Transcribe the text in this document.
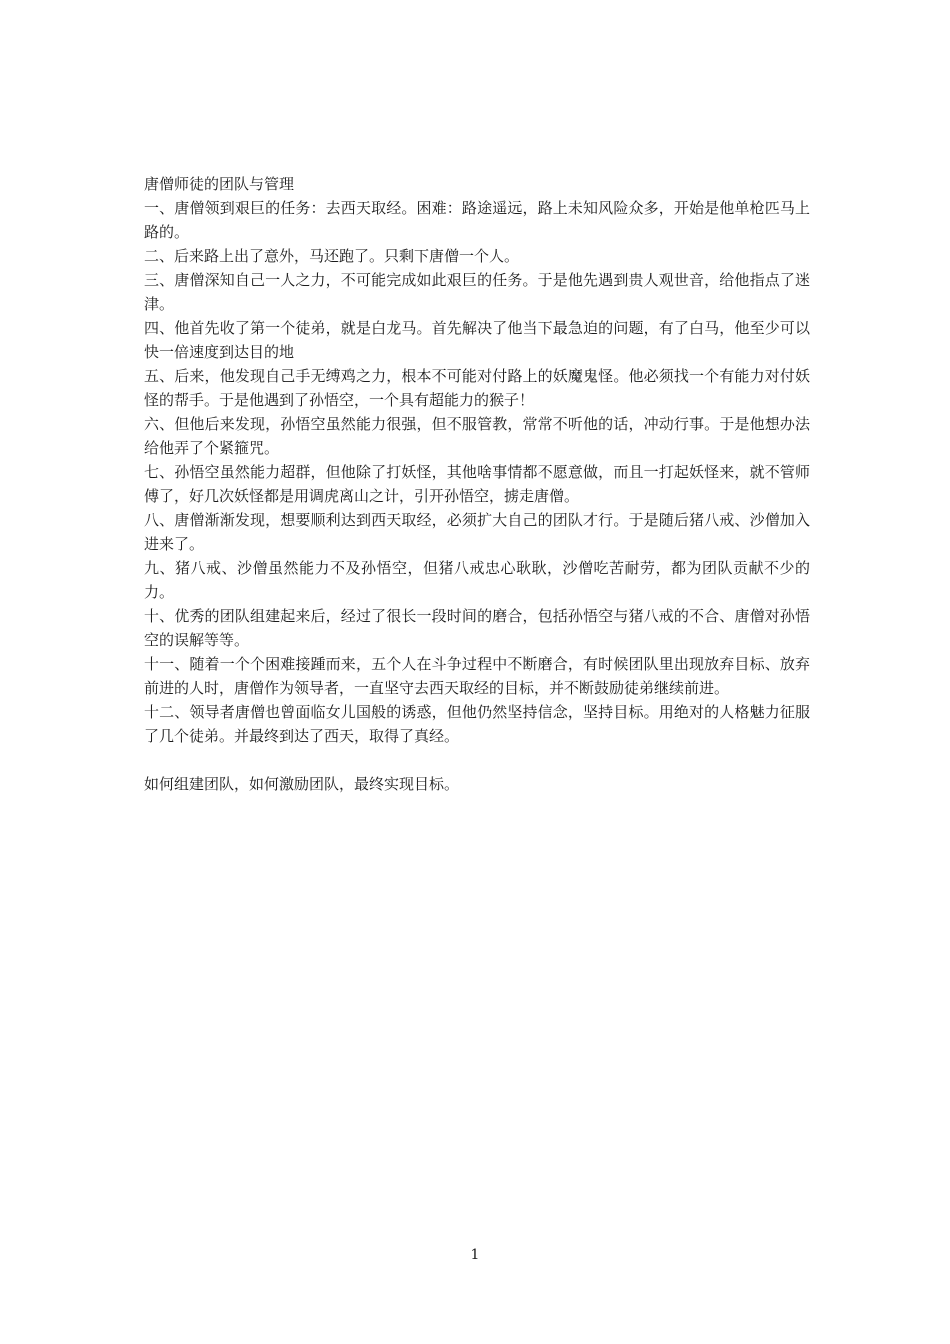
唐僧师徒的团队与管理

一、唐僧领到艰巨的任务：去西天取经。困难：路途遥远，路上未知风险众多，开始是他单枪匹马上路的。

二、后来路上出了意外，马还跑了。只剩下唐僧一个人。

三、唐僧深知自己一人之力，不可能完成如此艰巨的任务。于是他先遇到贵人观世音，给他指点了迷津。

四、他首先收了第一个徒弟，就是白龙马。首先解决了他当下最急迫的问题，有了白马，他至少可以快一倍速度到达目的地

五、后来，他发现自己手无缚鸡之力，根本不可能对付路上的妖魔鬼怪。他必须找一个有能力对付妖怪的帮手。于是他遇到了孙悟空，一个具有超能力的猴子！

六、但他后来发现，孙悟空虽然能力很强，但不服管教，常常不听他的话，冲动行事。于是他想办法给他弄了个紧箍咒。

七、孙悟空虽然能力超群，但他除了打妖怪，其他啥事情都不愿意做，而且一打起妖怪来，就不管师傅了，好几次妖怪都是用调虎离山之计，引开孙悟空，掳走唐僧。

八、唐僧渐渐发现，想要顺利达到西天取经，必须扩大自己的团队才行。于是随后猪八戒、沙僧加入进来了。

九、猪八戒、沙僧虽然能力不及孙悟空，但猪八戒忠心耿耿，沙僧吃苦耐劳，都为团队贡献不少的力。

十、优秀的团队组建起来后，经过了很长一段时间的磨合，包括孙悟空与猪八戒的不合、唐僧对孙悟空的误解等等。

十一、随着一个个困难接踵而来，五个人在斗争过程中不断磨合，有时候团队里出现放弃目标、放弃前进的人时，唐僧作为领导者，一直坚守去西天取经的目标，并不断鼓励徒弟继续前进。

十二、领导者唐僧也曾面临女儿国般的诱惑，但他仍然坚持信念，坚持目标。用绝对的人格魅力征服了几个徒弟。并最终到达了西天，取得了真经。

如何组建团队，如何激励团队，最终实现目标。

1
